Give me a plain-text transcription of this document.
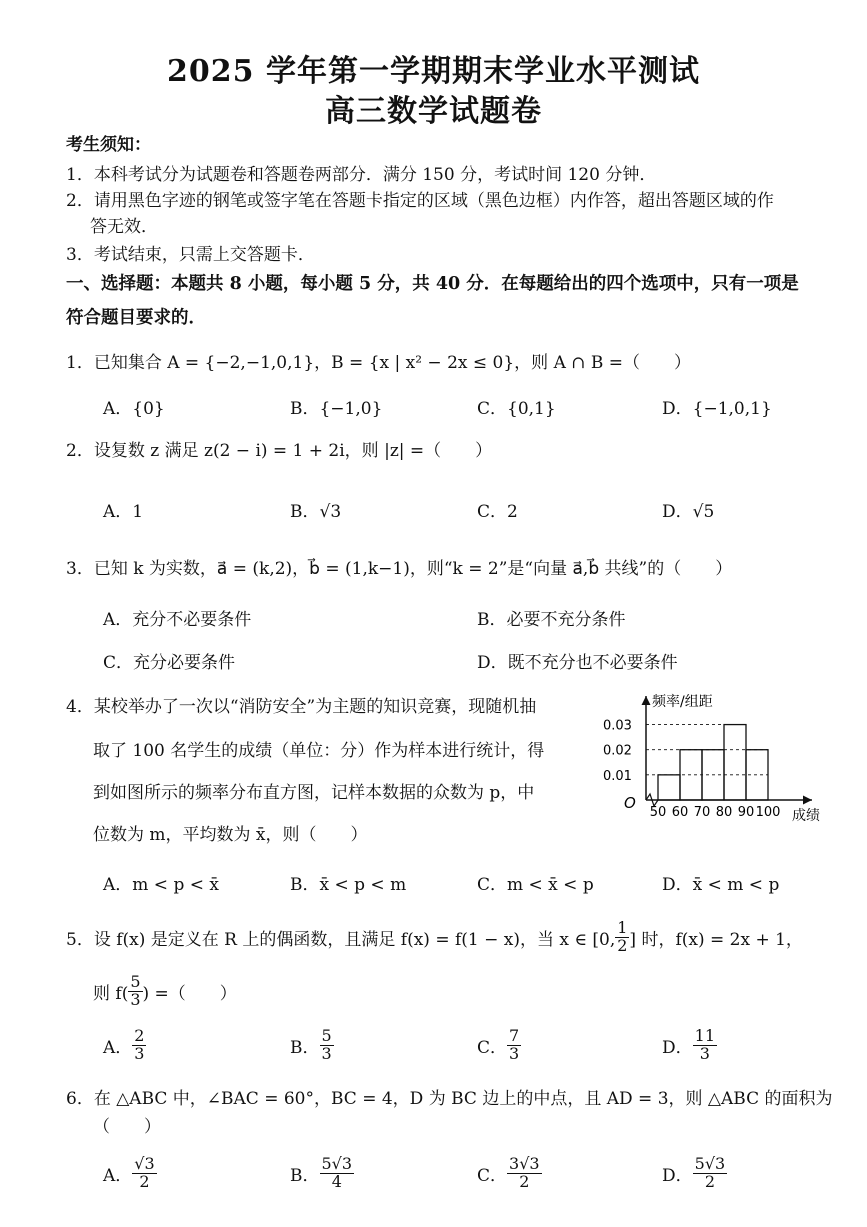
2025 学年第一学期期末学业水平测试
高三数学试题卷
考生须知：
1．本科考试分为试题卷和答题卷两部分．满分 150 分，考试时间 120 分钟．
2．请用黑色字迹的钢笔或签字笔在答题卡指定的区域（黑色边框）内作答，超出答题区域的作
答无效．
3．考试结束，只需上交答题卡．
一、选择题：本题共 8 小题，每小题 5 分，共 40 分．在每题给出的四个选项中，只有一项是
符合题目要求的．
1．已知集合 A = {−2,−1,0,1}，B = {x | x² − 2x ≤ 0}，则 A ∩ B =（　　）
A．{0}	B．{−1,0}	C．{0,1}	D．{−1,0,1}
2．设复数 z 满足 z(2 − i) = 1 + 2i，则 |z| =（　　）
A．1	B．√3	C．2	D．√5
3．已知 k 为实数，a⃗ = (k,2)，b⃗ = (1,k−1)，则“k = 2”是“向量 a⃗,b⃗ 共线”的（　　）
A．充分不必要条件	B．必要不充分条件
C．充分必要条件	D．既不充分也不必要条件
4．某校举办了一次以“消防安全”为主题的知识竞赛，现随机抽
取了 100 名学生的成绩（单位：分）作为样本进行统计，得
到如图所示的频率分布直方图，记样本数据的众数为 p，中
位数为 m，平均数为 x̄，则（　　）
A．m < p < x̄	B．x̄ < p < m	C．m < x̄ < p	D．x̄ < m < p
频率/组距
成绩
O
0.01
0.02
0.03
50 60 70 80 90 100
5．设 f(x) 是定义在 R 上的偶函数，且满足 f(x) = f(1 − x)，当 x ∈ [0, $\frac{1}{2}$ ] 时，f(x) = 2x + 1，
则 $f( \frac{5}{3}$ ) =（　　）
A． $\frac{2}{3}$	B． $\frac{5}{3}$	C． $\frac{7}{3}$	D． $\frac{11}{3}$
6．在 △ABC 中，∠BAC = 60°，BC = 4，D 为 BC 边上的中点，且 AD = 3，则 △ABC 的面积为
（　　）
A． $\frac{√3}{2}$	B． $\frac{5√3}{4}$	C． $\frac{3√3}{2}$	D． $\frac{5√3}{2}$
